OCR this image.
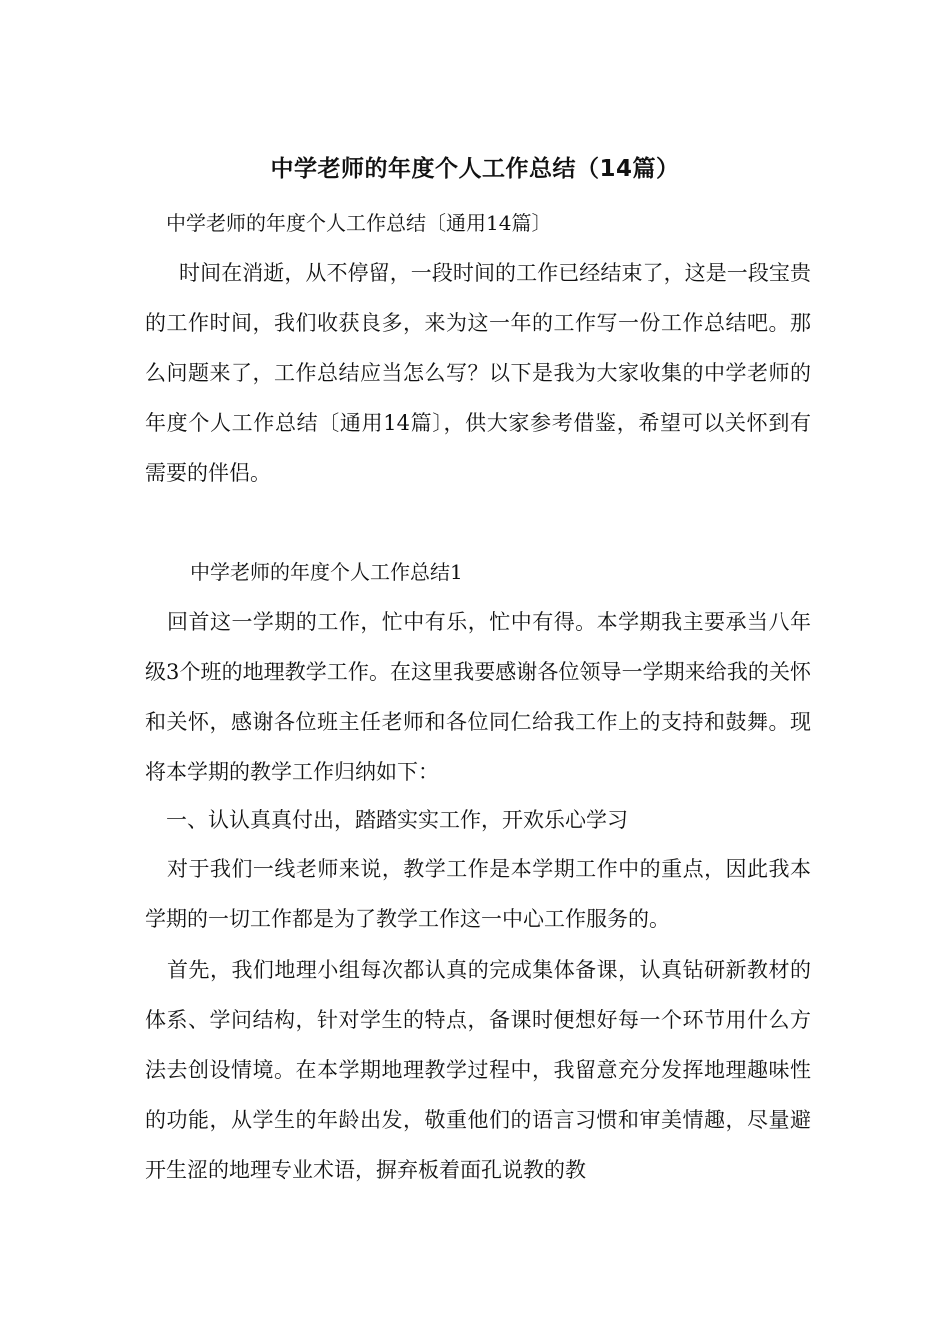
中学老师的年度个人工作总结（14篇）
中学老师的年度个人工作总结〔通用14篇〕

时间在消逝，从不停留，一段时间的工作已经结束了，这是一段宝贵的工作时间，我们收获良多，来为这一年的工作写一份工作总结吧。那么问题来了，工作总结应当怎么写？以下是我为大家收集的中学老师的年度个人工作总结〔通用14篇〕，供大家参考借鉴，希望可以关怀到有需要的伴侣。

中学老师的年度个人工作总结1

回首这一学期的工作，忙中有乐，忙中有得。本学期我主要承当八年级3个班的地理教学工作。在这里我要感谢各位领导一学期来给我的关怀和关怀，感谢各位班主任老师和各位同仁给我工作上的支持和鼓舞。现将本学期的教学工作归纳如下：

一、认认真真付出，踏踏实实工作，开欢乐心学习

对于我们一线老师来说，教学工作是本学期工作中的重点，因此我本学期的一切工作都是为了教学工作这一中心工作服务的。

首先，我们地理小组每次都认真的完成集体备课，认真钻研新教材的体系、学问结构，针对学生的特点，备课时便想好每一个环节用什么方法去创设情境。在本学期地理教学过程中，我留意充分发挥地理趣味性的功能，从学生的年龄出发，敬重他们的语言习惯和审美情趣，尽量避开生涩的地理专业术语，摒弃板着面孔说教的教
